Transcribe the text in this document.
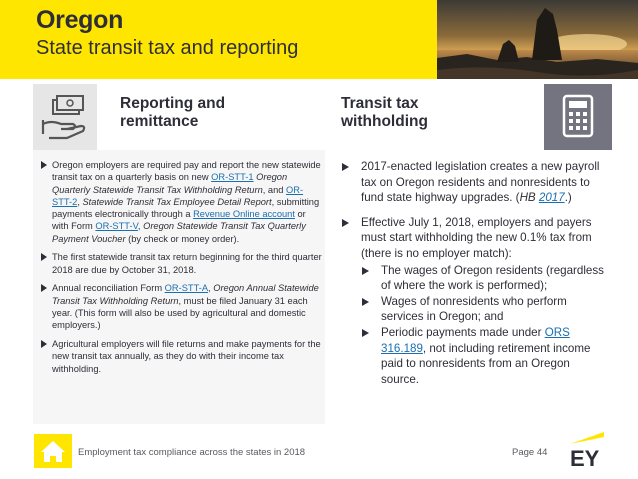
Oregon
State transit tax and reporting
Reporting and remittance
Oregon employers are required pay and report the new statewide transit tax on a quarterly basis on new OR-STT-1 Oregon Quarterly Statewide Transit Tax Withholding Return, and OR-STT-2, Statewide Transit Tax Employee Detail Report, submitting payments electronically through a Revenue Online account or with Form OR-STT-V, Oregon Statewide Transit Tax Quarterly Payment Voucher (by check or money order).
The first statewide transit tax return beginning for the third quarter 2018 are due by October 31, 2018.
Annual reconciliation Form OR-STT-A, Oregon Annual Statewide Transit Tax Withholding Return, must be filed January 31 each year. (This form will also be used by agricultural and domestic employers.)
Agricultural employers will file returns and make payments for the new transit tax annually, as they do with their income tax withholding.
Transit tax withholding
2017-enacted legislation creates a new payroll tax on Oregon residents and nonresidents to fund state highway upgrades. (HB 2017.)
Effective July 1, 2018, employers and payers must start withholding the new 0.1% tax from (there is no employer match):
The wages of Oregon residents (regardless of where the work is performed);
Wages of nonresidents who perform services in Oregon; and
Periodic payments made under ORS 316.189, not including retirement income paid to nonresidents from an Oregon source.
Employment tax compliance across the states in 2018	Page 44 EY
